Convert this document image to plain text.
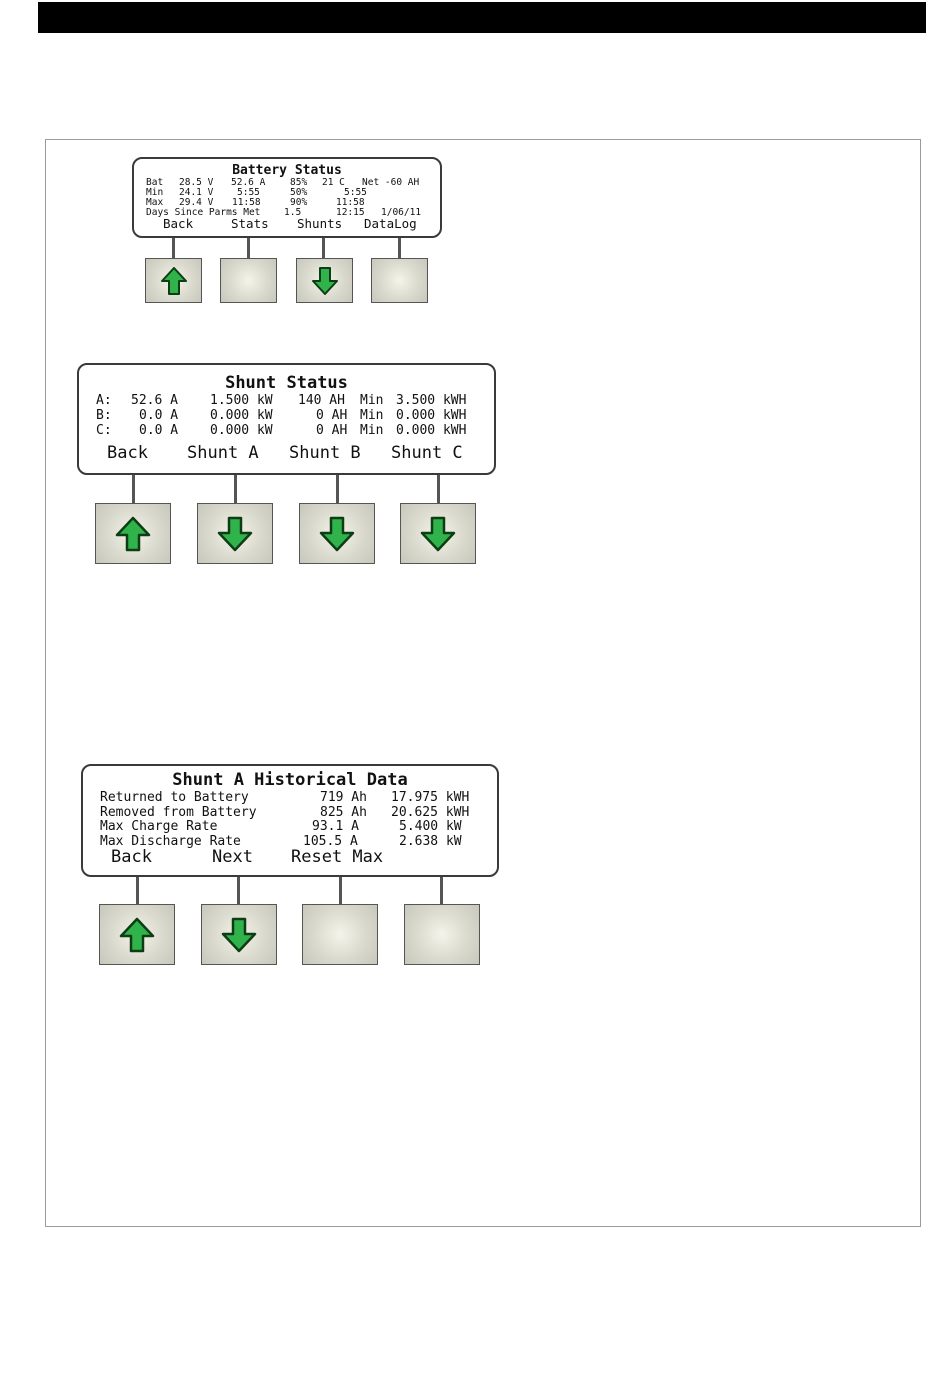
Battery Status
Bat 28.5 V 52.6 A	85% 21 C Net -60 AH
Min 24.1 V 5:55	50%	5:55
Max 29.4 V 11:58	90%	11:58
Days Since Parms Met 1.5	12:15 1/06/11
Back	Stats Shunts DataLog
Shunt Status
A: 52.6 A 1.500 kW 140 AH Min 3.500 kWH
B: 0.0 A 0.000 kW	0 AH Min 0.000 kWH
C: 0.0 A 0.000 kW	0 AH Min 0.000 kWH
Back Shunt A Shunt B Shunt C
Shunt A Historical Data
Returned to Battery	719 Ah 17.975 kWH
Removed from Battery	825 Ah 20.625 kWH
Max Charge Rate	93.1 A	5.400 kW
Max Discharge Rate	105.5 A	2.638 kW
Back	Next Reset Max
